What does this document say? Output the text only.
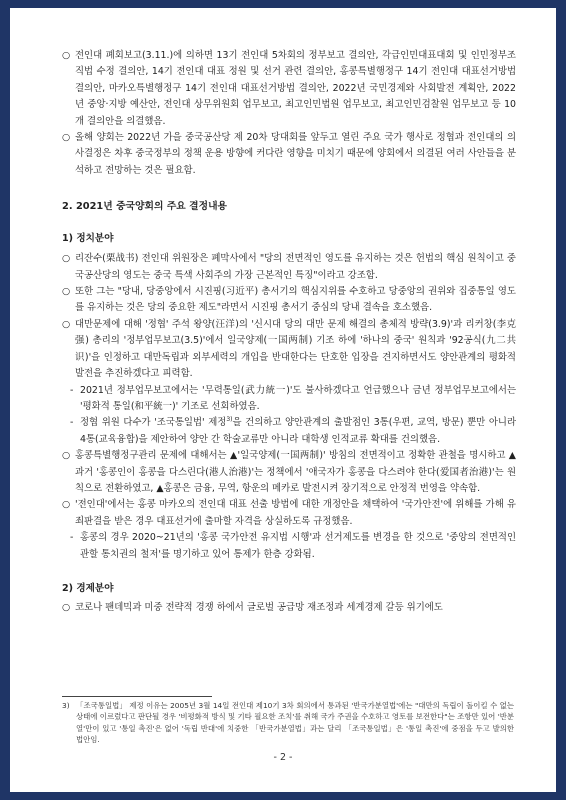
○ 전인대 폐회보고(3.11.)에 의하면 13기 전인대 5차회의 정부보고 결의안, 각급인민대표대회 및 인민정부조직법 수정 결의안, 14기 전인대 대표 정원 및 선거 관련 결의안, 홍콩특별행정구 14기 전인대 대표선거방법 결의안, 마카오특별행정구 14기 전인대 대표선거방법 결의안, 2022년 국민경제와 사회발전 계획안, 2022년 중앙·지방 예산안, 전인대 상무위원회 업무보고, 최고인민법원 업무보고, 최고인민검찰원 업무보고 등 10개 결의안을 의결했음.

○ 올해 양회는 2022년 가을 중국공산당 제 20차 당대회를 앞두고 열린 주요 국가 행사로 정협과 전인대의 의사결정은 차후 중국정부의 정책 운용 방향에 커다란 영향을 미치기 때문에 양회에서 의결된 여러 사안들을 분석하고 전망하는 것은 필요함.

2. 2021년 중국양회의 주요 결정내용

1) 정치분야

○ 리잔수(栗战书) 전인대 위원장은 폐막사에서 "당의 전면적인 영도를 유지하는 것은 헌법의 핵심 원칙이고 중국공산당의 영도는 중국 특색 사회주의 가장 근본적인 특징"이라고 강조함.

○ 또한 그는 "당내, 당중앙에서 시진핑(习近平) 총서기의 핵심지위를 수호하고 당중앙의 권위와 집중통일 영도를 유지하는 것은 당의 중요한 제도"라면서 시진핑 총서기 중심의 당내 결속을 호소했음.

○ 대만문제에 대해 '정협' 주석 왕양(汪洋)의 '신시대 당의 대만 문제 해결의 총체적 방략(3.9)'과 리커창(李克强) 총리의 '정부업무보고(3.5)'에서 일국양제(一国两制) 기조 하에 '하나의 중국' 원칙과 '92공식(九二共识)'을 인정하고 대만독립과 외부세력의 개입을 반대한다는 단호한 입장을 견지하면서도 양안관계의 평화적 발전을 추진하겠다고 피력함.

- 2021년 정부업무보고에서는 '무력통일(武力統一)'도 불사하겠다고 언급했으나 금년 정부업무보고에서는 '평화적 통일(和平統一)' 기조로 선회하였음.

- 정협 위원 다수가 '조국통일법' 제정$^{3)}$을 건의하고 양안관계의 출발점인 3통(우편, 교역, 방문) 뿐만 아니라 4통(교육융합)을 제안하여 양안 간 학술교류만 아니라 대학생 인적교류 확대를 건의했음.

○ 홍콩특별행정구관리 문제에 대해서는 ▲'일국양제(一国两制)' 방침의 전면적이고 정확한 관철을 명시하고 ▲과거 '홍콩인이 홍콩을 다스린다(港人治港)'는 정책에서 '애국자가 홍콩을 다스려야 한다(爱国者治港)'는 원칙으로 전환하였고, ▲홍콩은 금융, 무역, 항운의 메카로 발전시켜 장기적으로 안정적 번영을 약속함.

○ '전인대'에서는 홍콩 마카오의 전인대 대표 선출 방법에 대한 개정안을 채택하여 '국가안전'에 위해를 가해 유죄판결을 받은 경우 대표선거에 출마할 자격을 상실하도록 규정했음.

- 홍콩의 경우 2020~21년의 '홍콩 국가안전 유지법 시행'과 선거제도를 변경을 한 것으로 '중앙의 전면적인 관할 통치권의 철저'를 명기하고 있어 통제가 한층 강화됨.

2) 경제분야

○ 코로나 팬데믹과 미중 전략적 경쟁 하에서 글로벌 공급망 재조정과 세계경제 갈등 위기에도

3) 「조국통일법」 제정 이유는 2005년 3월 14일 전인대 제10기 3차 회의에서 통과된 '반국가분열법'에는 "대만의 독립이 돌이킬 수 없는 상태에 이르렀다고 판단될 경우 '비평화적 방식 및 기타 필요한 조치'를 취해 국가 주권을 수호하고 영토를 보전한다"는 조항만 있어 '반분열'만이 있고 '통일 촉진'은 없어 '독립 반대'에 치중한 「반국가분열법」과는 달리 「조국통일법」은 '통일 촉진'에 중점을 두고 발의한 법안임.
- 2 -
